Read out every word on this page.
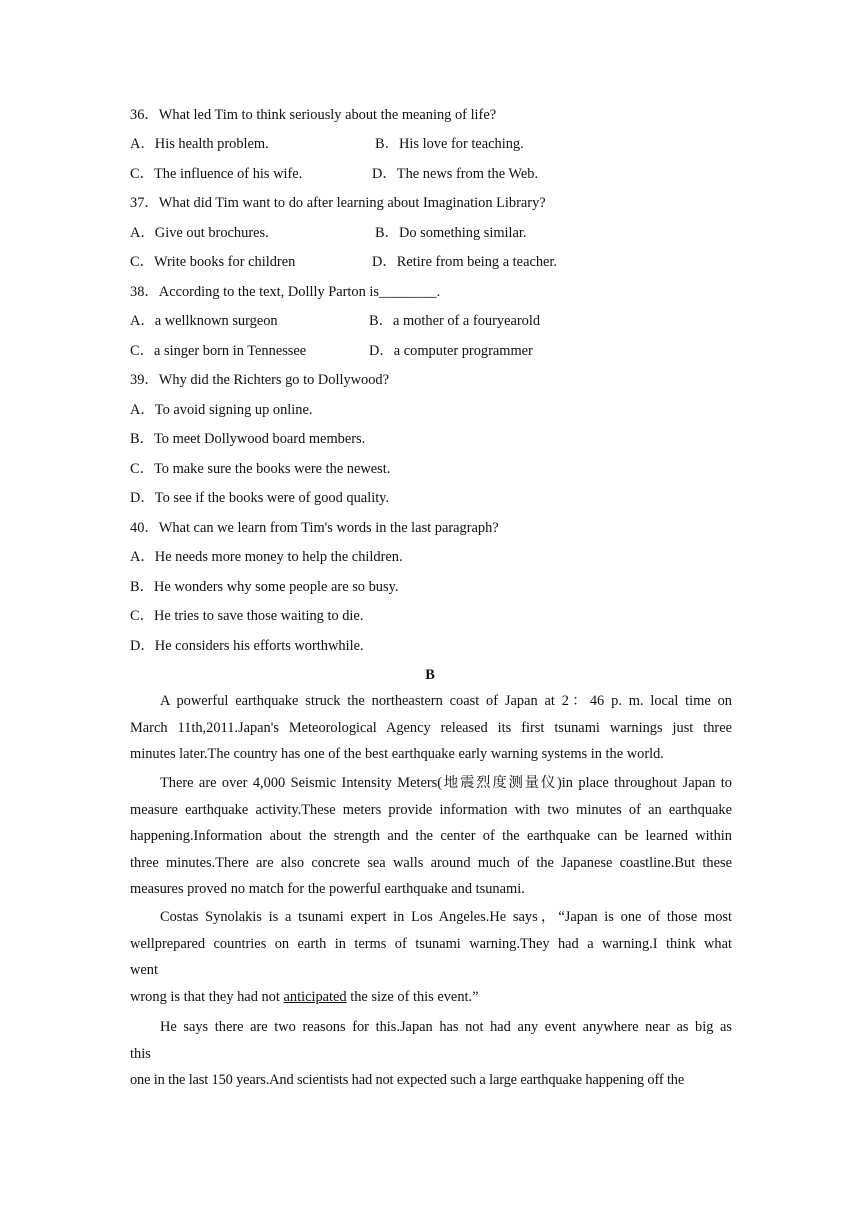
36．What led Tim to think seriously about the meaning of life?
A．His health problem.	B．His love for teaching.
C．The influence of his wife.	D．The news from the Web.
37．What did Tim want to do after learning about Imagination Library?
A．Give out brochures.	B．Do something similar.
C．Write books for children	D．Retire from being a teacher.
38．According to the text, Dollly Parton is________.
A．a wellknown surgeon	B．a mother of a fouryearold
C．a singer born in Tennessee	D．a computer programmer
39．Why did the Richters go to Dollywood?
A．To avoid signing up online.
B．To meet Dollywood board members.
C．To make sure the books were the newest.
D．To see if the books were of good quality.
40．What can we learn from Tim's words in the last paragraph?
A．He needs more money to help the children.
B．He wonders why some people are so busy.
C．He tries to save those waiting to die.
D．He considers his efforts worthwhile.
B
A powerful earthquake struck the northeastern coast of Japan at 2：46 p. m. local time on
March 11th,2011.Japan's Meteorological Agency released its first tsunami warnings just three
minutes later.The country has one of the best earthquake early warning systems in the world.
There are over 4,000 Seismic Intensity Meters(地震烈度测量仪)in place throughout Japan to
measure earthquake activity.These meters provide information with two minutes of an earthquake
happening.Information about the strength and the center of the earthquake can be learned within
three minutes.There are also concrete sea walls around much of the Japanese coastline.But these
measures proved no match for the powerful earthquake and tsunami.
Costas Synolakis is a tsunami expert in Los Angeles.He says，“Japan is one of those most
wellprepared countries on earth in terms of tsunami warning.They had a warning.I think what
went
wrong is that they had not anticipated the size of this event.”
He says there are two reasons for this.Japan has not had any event anywhere near as big as
this
one in the last 150 years.And scientists had not expected such a large earthquake happening off the
